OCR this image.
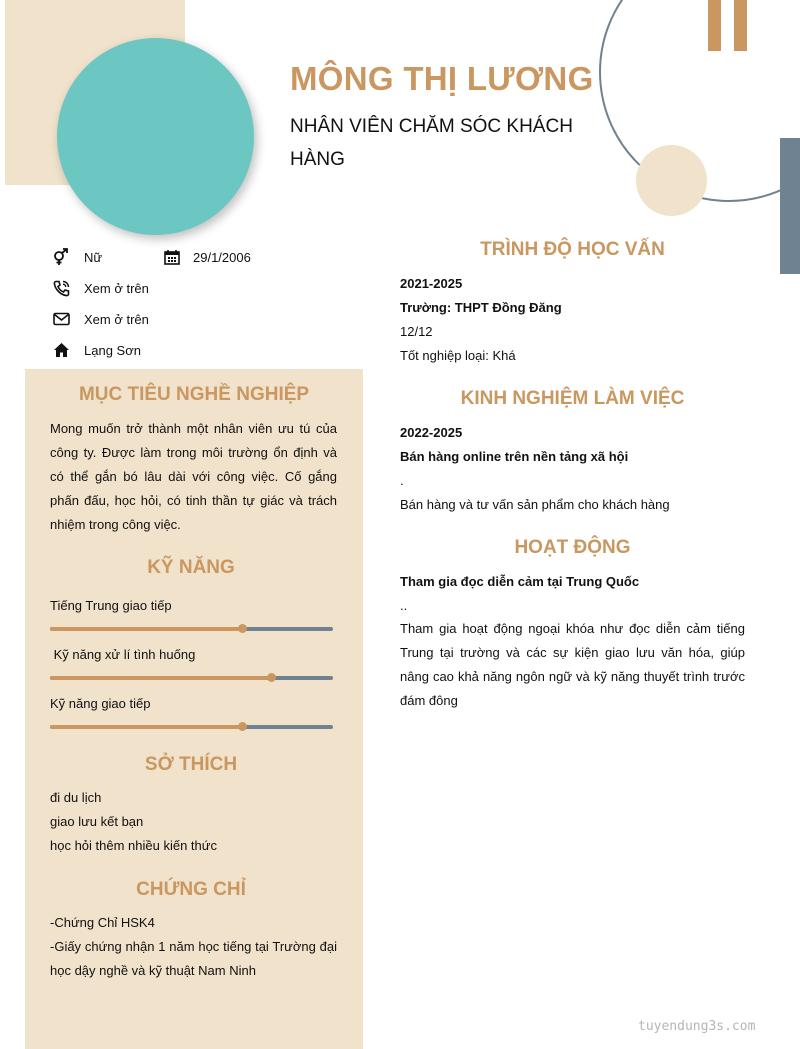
MÔNG THỊ LƯƠNG
NHÂN VIÊN CHĂM SÓC KHÁCH HÀNG
Nữ	29/1/2006
Xem ở trên
Xem ở trên
Lạng Sơn
MỤC TIÊU NGHỀ NGHIỆP
Mong muốn trở thành một nhân viên ưu tú của công ty. Được làm trong môi trường ổn định và có thể gắn bó lâu dài với công việc. Cố gắng phấn đấu, học hỏi, có tinh thần tự giác và trách nhiệm trong công việc.
KỸ NĂNG
Tiếng Trung giao tiếp
Kỹ năng xử lí tình huống
Kỹ năng giao tiếp
SỞ THÍCH
đi du lịch
giao lưu kết bạn
học hỏi thêm nhiều kiến thức
CHỨNG CHỈ
-Chứng Chỉ HSK4
-Giấy chứng nhận 1 năm học tiếng tại Trường đại học dậy nghề và kỹ thuật Nam Ninh
TRÌNH ĐỘ HỌC VẤN
2021-2025
Trường: THPT Đồng Đăng
12/12
Tốt nghiệp loại: Khá
KINH NGHIỆM LÀM VIỆC
2022-2025
Bán hàng online trên nền tảng xã hội
.
Bán hàng và tư vấn sản phẩm cho khách hàng
HOẠT ĐỘNG
Tham gia đọc diễn cảm tại Trung Quốc
..
Tham gia hoạt động ngoại khóa như đọc diễn cảm tiếng Trung tại trường và các sự kiện giao lưu văn hóa, giúp nâng cao khả năng ngôn ngữ và kỹ năng thuyết trình trước đám đông
tuyendung3s.com
